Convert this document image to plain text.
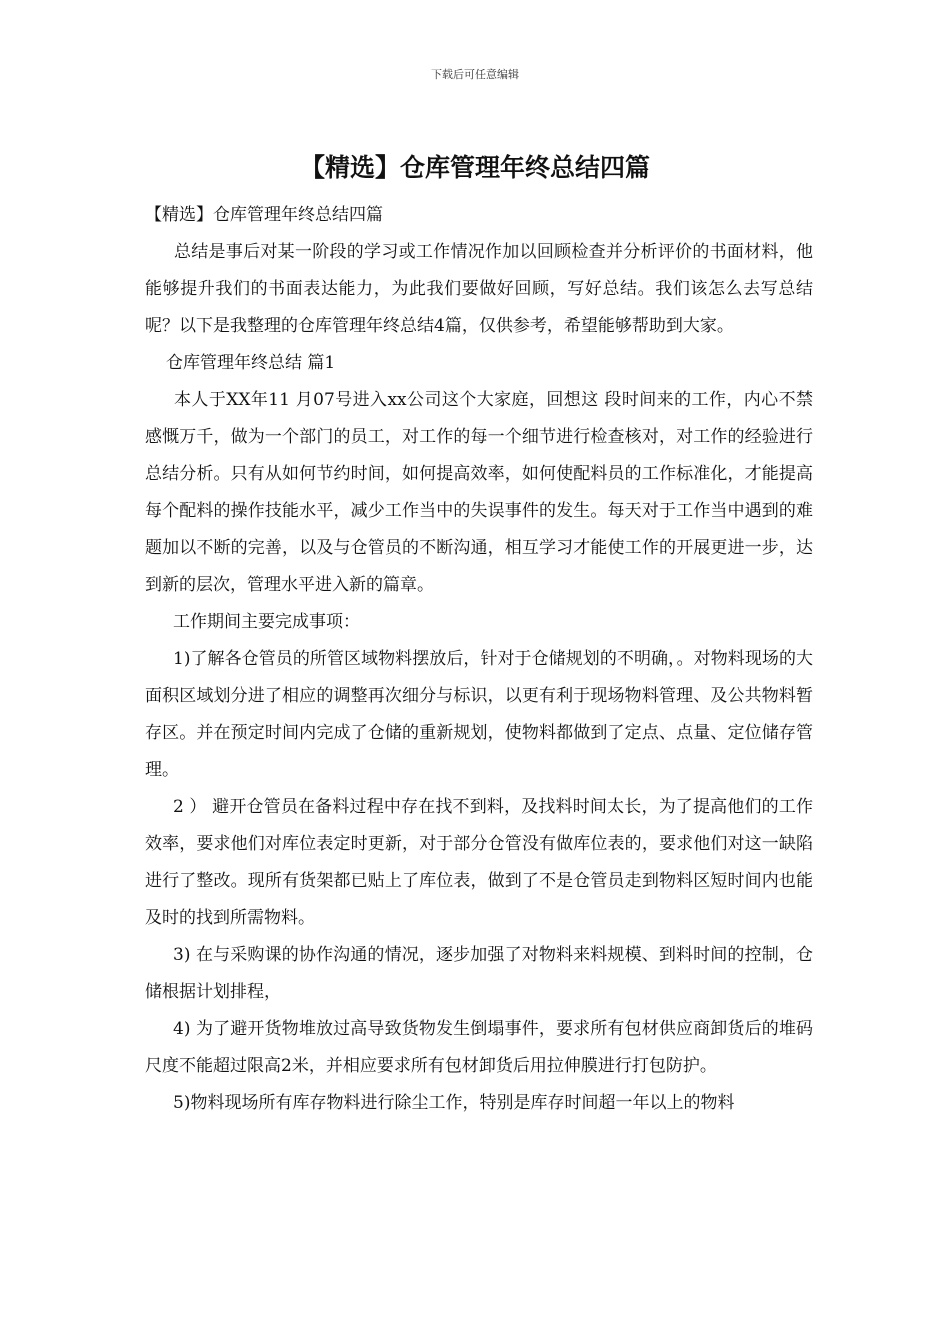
下载后可任意编辑
【精选】仓库管理年终总结四篇

【精选】仓库管理年终总结四篇

总结是事后对某一阶段的学习或工作情况作加以回顾检查并分析评价的书面材料，他能够提升我们的书面表达能力，为此我们要做好回顾，写好总结。我们该怎么去写总结呢？以下是我整理的仓库管理年终总结4篇，仅供参考，希望能够帮助到大家。

仓库管理年终总结 篇1

本人于XX年11 月07号进入xx公司这个大家庭，回想这 段时间来的工作，内心不禁感慨万千，做为一个部门的员工，对工作的每一个细节进行检查核对，对工作的经验进行总结分析。只有从如何节约时间，如何提高效率，如何使配料员的工作标准化，才能提高每个配料的操作技能水平，减少工作当中的失误事件的发生。每天对于工作当中遇到的难题加以不断的完善，以及与仓管员的不断沟通，相互学习才能使工作的开展更进一步，达到新的层次，管理水平进入新的篇章。

工作期间主要完成事项：

1)了解各仓管员的所管区域物料摆放后，针对于仓储规划的不明确，。对物料现场的大面积区域划分进了相应的调整再次细分与标识，以更有利于现场物料管理、及公共物料暂存区。并在预定时间内完成了仓储的重新规划，使物料都做到了定点、点量、定位储存管理。

2 ） 避开仓管员在备料过程中存在找不到料，及找料时间太长，为了提高他们的工作效率，要求他们对库位表定时更新，对于部分仓管没有做库位表的，要求他们对这一缺陷进行了整改。现所有货架都已贴上了库位表，做到了不是仓管员走到物料区短时间内也能及时的找到所需物料。

3) 在与采购课的协作沟通的情况，逐步加强了对物料来料规模、到料时间的控制，仓储根据计划排程，

4) 为了避开货物堆放过高导致货物发生倒塌事件，要求所有包材供应商卸货后的堆码尺度不能超过限高2米，并相应要求所有包材卸货后用拉伸膜进行打包防护。

5)物料现场所有库存物料进行除尘工作，特别是库存时间超一年以上的物料
